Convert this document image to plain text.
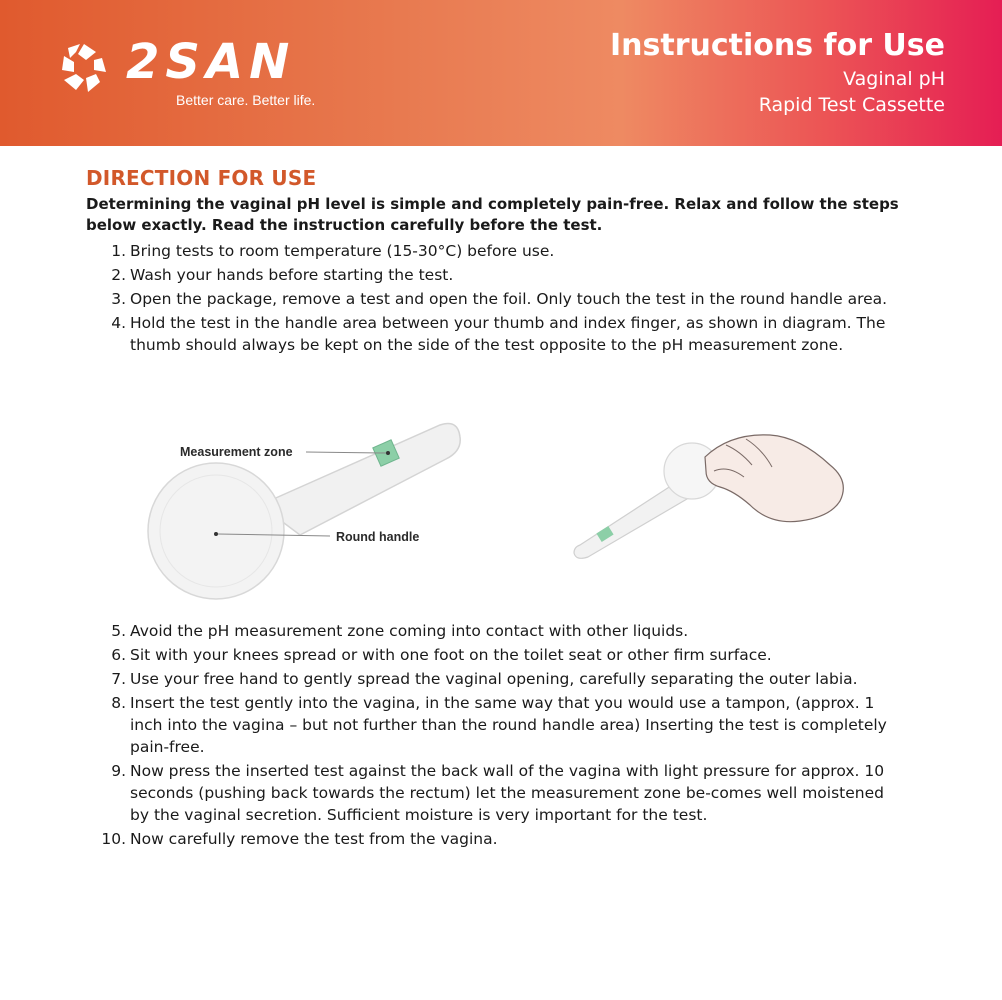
2SAN
Better care. Better life.
Instructions for Use
Vaginal pH
Rapid Test Cassette
DIRECTION FOR USE

Determining the vaginal pH level is simple and completely pain-free. Relax and follow the steps below exactly. Read the instruction carefully before the test.

1. Bring tests to room temperature (15-30°C) before use.
2. Wash your hands before starting the test.
3. Open the package, remove a test and open the foil. Only touch the test in the round handle area.
4. Hold the test in the handle area between your thumb and index finger, as shown in diagram. The thumb should always be kept on the side of the test opposite to the pH measurement zone.
Measurement zone
Round handle
5. Avoid the pH measurement zone coming into contact with other liquids.
6. Sit with your knees spread or with one foot on the toilet seat or other firm surface.
7. Use your free hand to gently spread the vaginal opening, carefully separating the outer labia.
8. Insert the test gently into the vagina, in the same way that you would use a tampon, (approx. 1 inch into the vagina – but not further than the round handle area) Inserting the test is completely pain-free.
9. Now press the inserted test against the back wall of the vagina with light pressure for approx. 10 seconds (pushing back towards the rectum) let the measurement zone be-comes well moistened by the vaginal secretion. Sufficient moisture is very important for the test.
10. Now carefully remove the test from the vagina.
